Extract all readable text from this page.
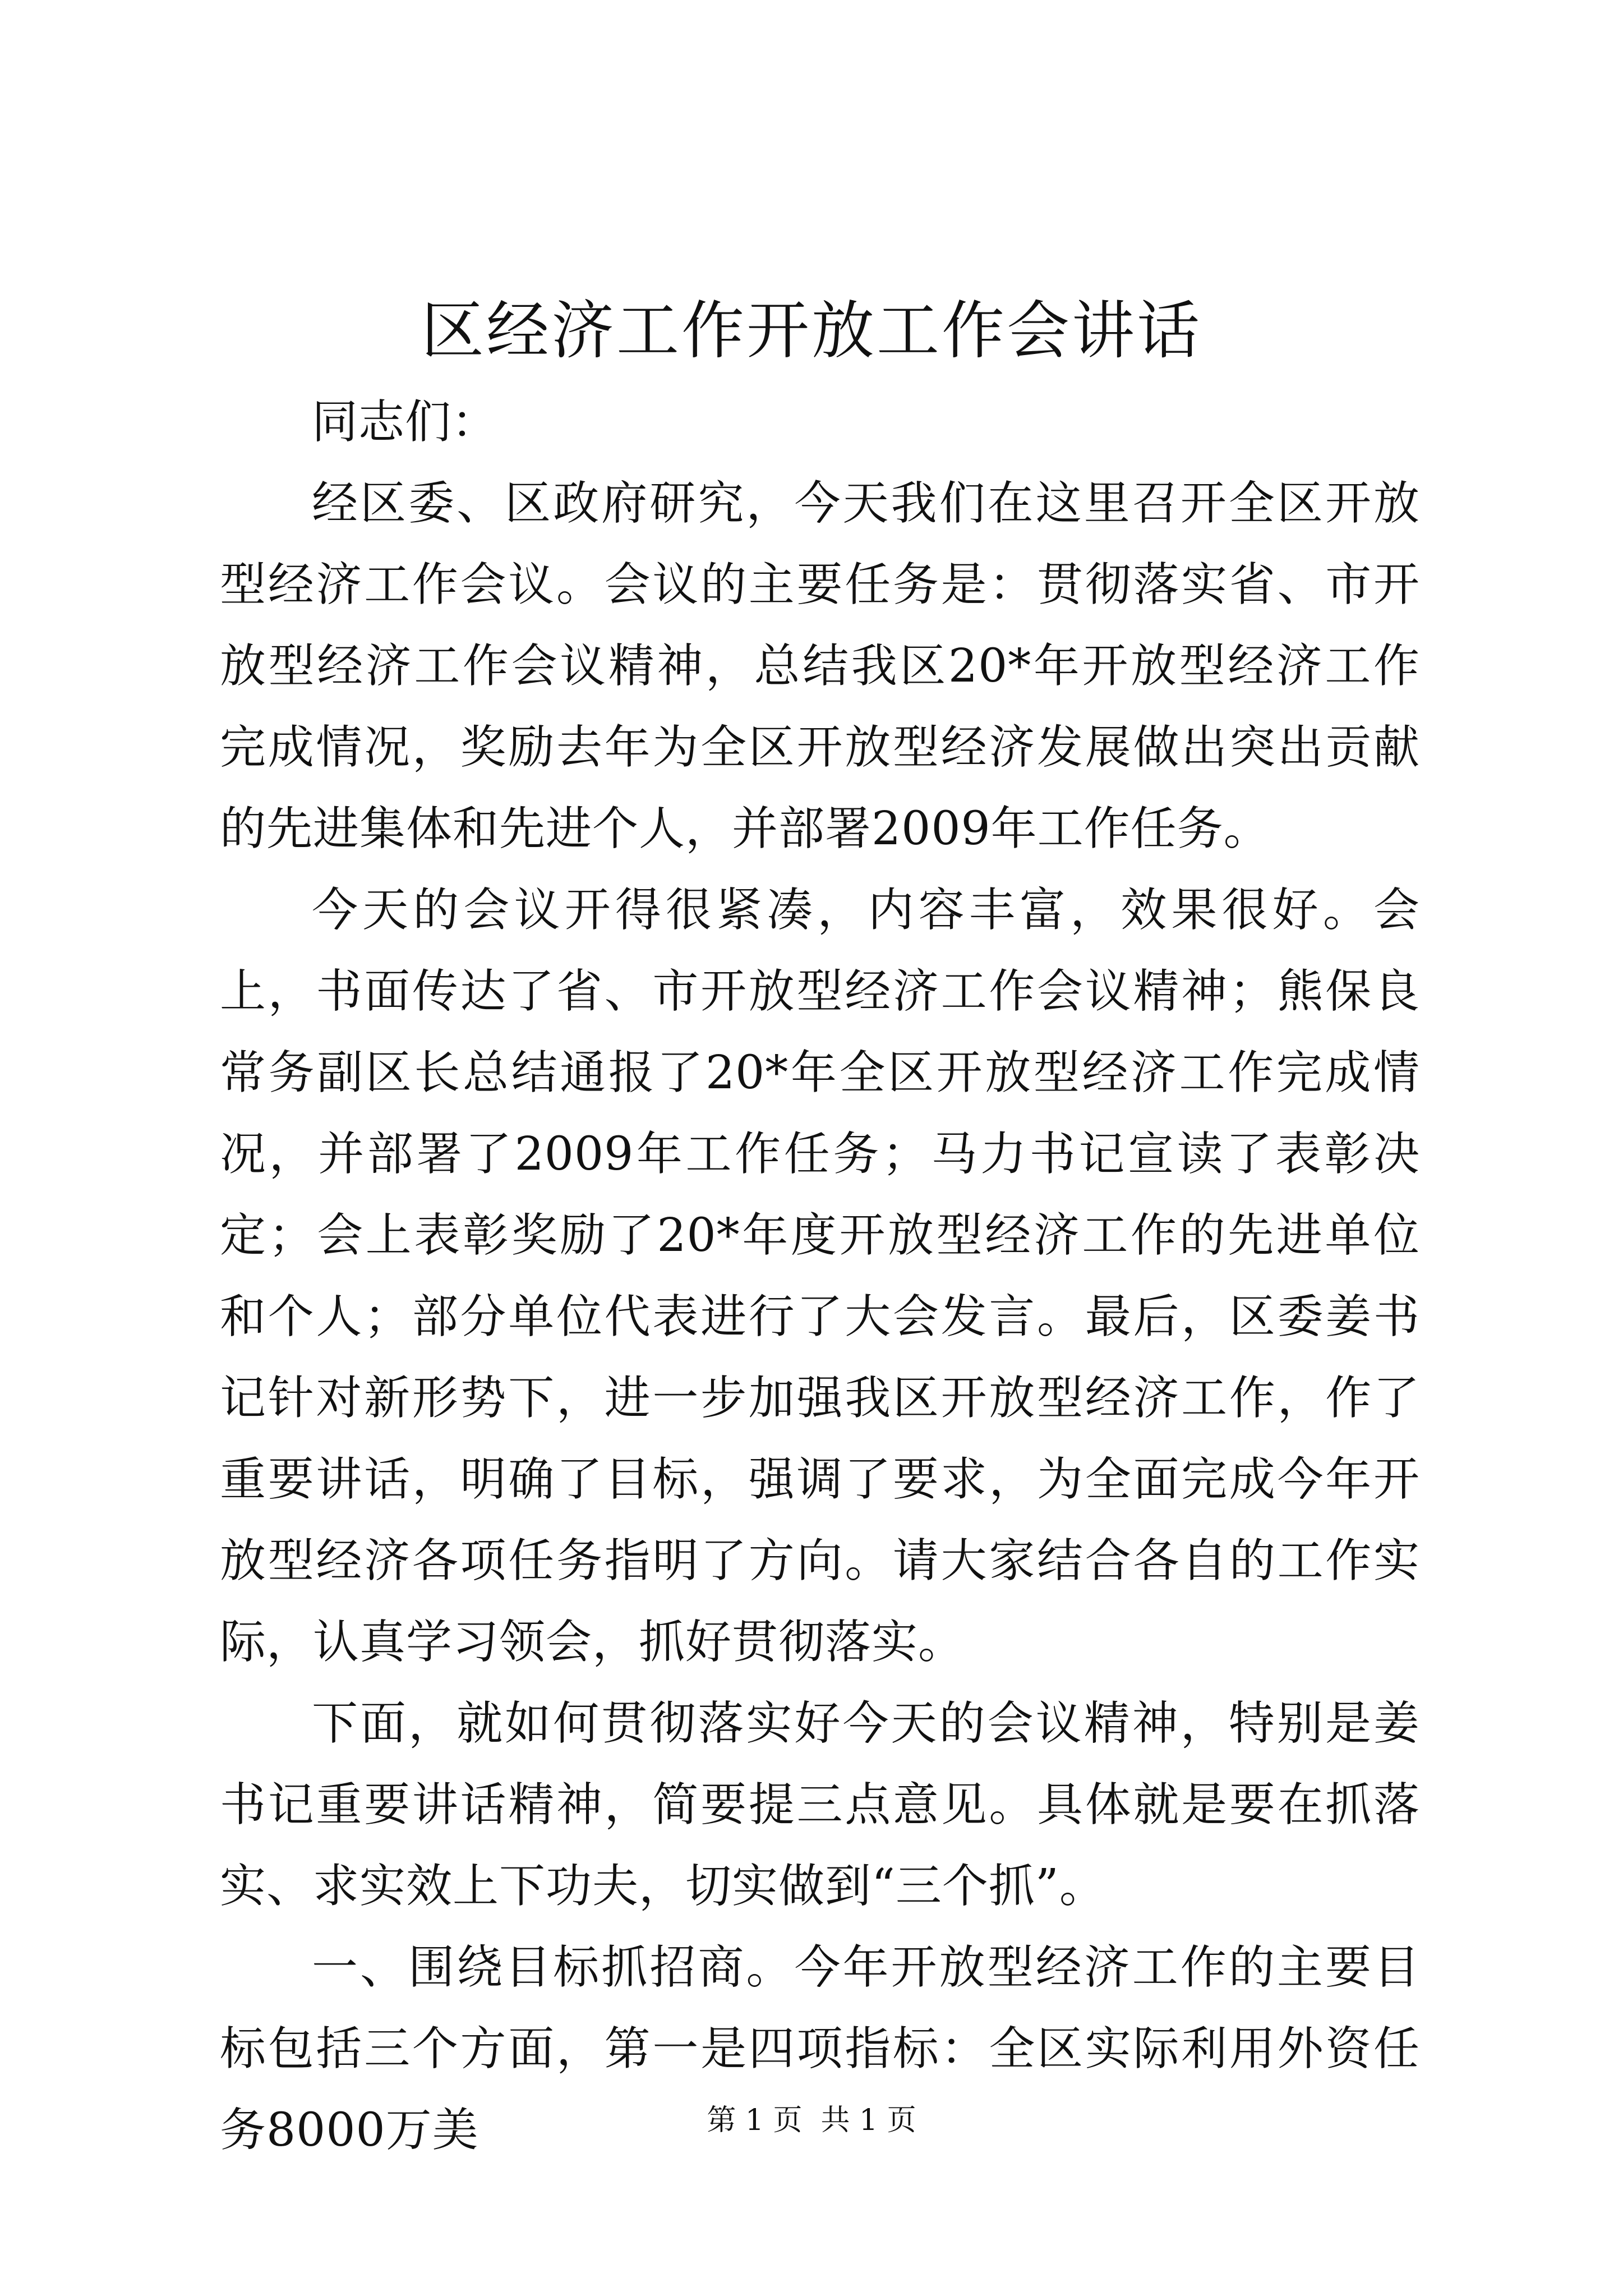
区经济工作开放工作会讲话

同志们：

经区委、区政府研究，今天我们在这里召开全区开放型经济工作会议。会议的主要任务是：贯彻落实省、市开放型经济工作会议精神，总结我区20*年开放型经济工作完成情况，奖励去年为全区开放型经济发展做出突出贡献的先进集体和先进个人，并部署2009年工作任务。

今天的会议开得很紧凑，内容丰富，效果很好。会上，书面传达了省、市开放型经济工作会议精神；熊保良常务副区长总结通报了20*年全区开放型经济工作完成情况，并部署了2009年工作任务；马力书记宣读了表彰决定；会上表彰奖励了20*年度开放型经济工作的先进单位和个人；部分单位代表进行了大会发言。最后，区委姜书记针对新形势下，进一步加强我区开放型经济工作，作了重要讲话，明确了目标，强调了要求，为全面完成今年开放型经济各项任务指明了方向。请大家结合各自的工作实际，认真学习领会，抓好贯彻落实。

下面，就如何贯彻落实好今天的会议精神，特别是姜书记重要讲话精神，简要提三点意见。具体就是要在抓落实、求实效上下功夫，切实做到“三个抓”。

一、围绕目标抓招商。今年开放型经济工作的主要目标包括三个方面，第一是四项指标：全区实际利用外资任务8000万美	第 1 页  共 1 页
